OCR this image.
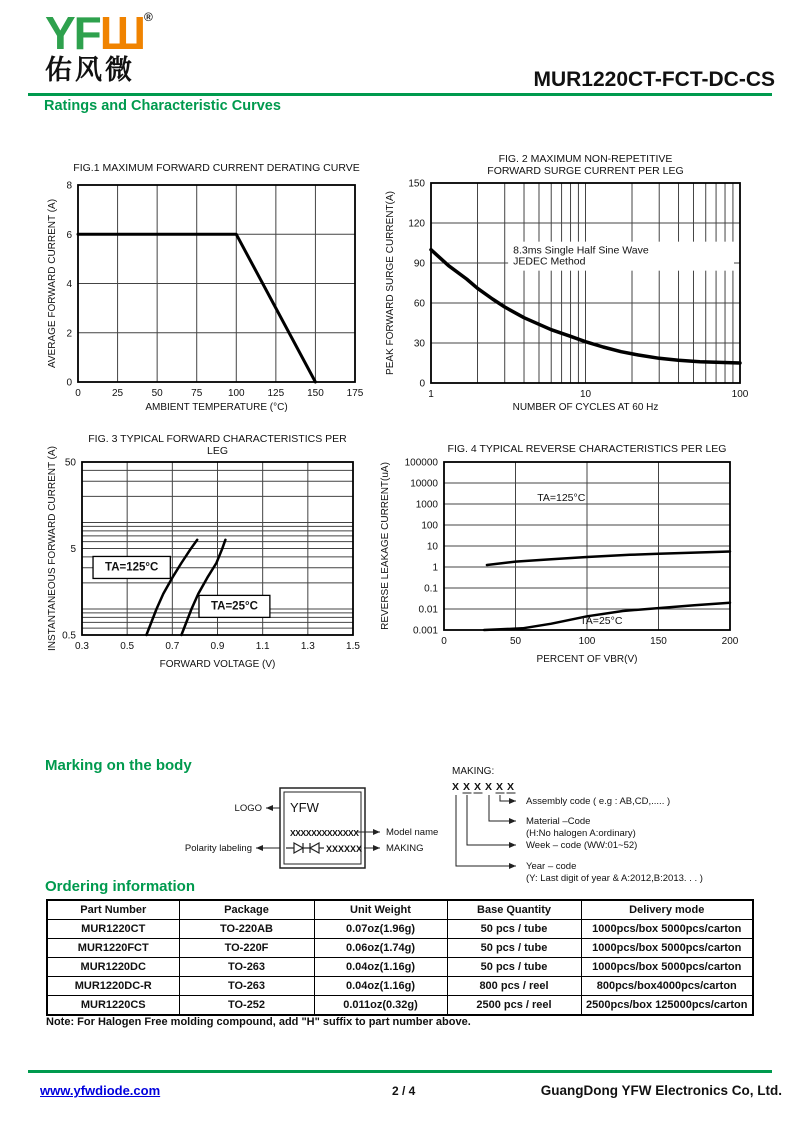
YFШ®
佑风微	MUR1220CT-FCT-DC-CS
Ratings and Characteristic Curves
0	25	50	75	100 125 150 175
0
2
4
6
8
FIG.1 MAXIMUM FORWARD CURRENT DERATING CURVE
AMBIENT TEMPERATURE (°C)
AVERAGE FORWARD CURRENT (A)	8.3ms Single Half Sine Wave
JEDEC Method
1	10	100
0
30
60
90
120
150
FIG. 2 MAXIMUM NON-REPETITIVE
FORWARD SURGE CURRENT PER LEG
NUMBER OF CYCLES AT 60 Hz
PEAK FORWARD SURGE CURRENT(A)
0.3	0.5	0.7	0.9	1.1	1.3	1.5
0.5
5
50
FIG. 3 TYPICAL FORWARD CHARACTERISTICS PER
LEG
FORWARD VOLTAGE (V)
INSTANTANEOUS FORWARD CURRENT (A)	TA=125°C
TA=25°C
0	50	100	150	200
100000
10000
1000
100
10
1
0.1
0.01
0.001
FIG. 4 TYPICAL REVERSE CHARACTERISTICS PER LEG
PERCENT OF VBR(V)
REVERSE LEAKAGE CURRENT(uA)	TA=125°C
TA=25°C
Marking on the body
YFW
XXXXXXXXXXXXX
XXXXXX
LOGO
Polarity labeling
Model name
MAKING
MAKING:
X X X X X X
Assembly code ( e.g : AB,CD,..... )
Material –Code
(H:No halogen A:ordinary)
Week – code (WW:01~52)
Year – code
(Y: Last digit of year & A:2012,B:2013. . . )
Ordering information
Part Number	Package	Unit Weight	Base Quantity	Delivery mode
MUR1220CT	TO-220AB	0.07oz(1.96g)	50 pcs / tube	1000pcs/box 5000pcs/carton
MUR1220FCT	TO-220F	0.06oz(1.74g)	50 pcs / tube	1000pcs/box 5000pcs/carton
MUR1220DC	TO-263	0.04oz(1.16g)	50 pcs / tube	1000pcs/box 5000pcs/carton
MUR1220DC-R	TO-263	0.04oz(1.16g)	800 pcs / reel	800pcs/box4000pcs/carton
MUR1220CS	TO-252	0.011oz(0.32g)	2500 pcs / reel	2500pcs/box 125000pcs/carton
Note: For Halogen Free molding compound, add "H" suffix to part number above.
www.yfwdiode.com	2 / 4	GuangDong YFW Electronics Co, Ltd.
